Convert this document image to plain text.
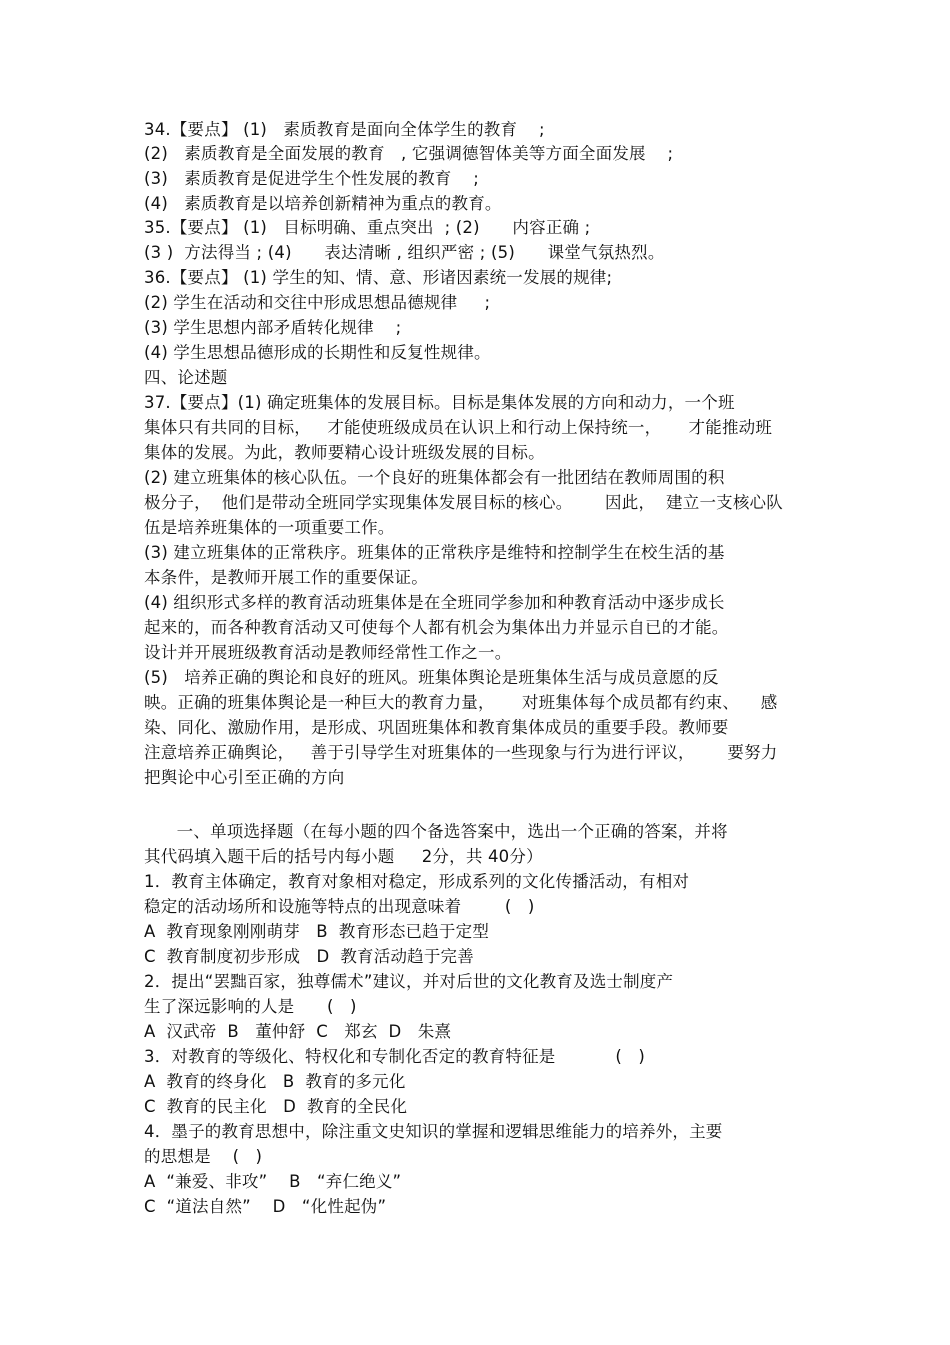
34.【要点】 (1)   素质教育是面向全体学生的教育    ;

(2)   素质教育是全面发展的教育   , 它强调德智体美等方面全面发展    ;

(3)   素质教育是促进学生个性发展的教育    ;

(4)   素质教育是以培养创新精神为重点的教育。

35.【要点】 (1)   目标明确、重点突出  ; (2)      内容正确 ;

(3 )  方法得当 ; (4)      表达清晰 , 组织严密 ; (5)      课堂气氛热烈。

36.【要点】 (1) 学生的知、情、意、形诸因素统一发展的规律;

(2) 学生在活动和交往中形成思想品德规律     ;

(3) 学生思想内部矛盾转化规律    ;

(4) 学生思想品德形成的长期性和反复性规律。

四、论述题

37.【要点】(1) 确定班集体的发展目标。目标是集体发展的方向和动力，一个班

集体只有共同的目标，   才能使班级成员在认识上和行动上保持统一，     才能推动班

集体的发展。为此，教师要精心设计班级发展的目标。

(2) 建立班集体的核心队伍。一个良好的班集体都会有一批团结在教师周围的积

极分子，  他们是带动全班同学实现集体发展目标的核心。      因此，  建立一支核心队

伍是培养班集体的一项重要工作。

(3) 建立班集体的正常秩序。班集体的正常秩序是维特和控制学生在校生活的基

本条件，是教师开展工作的重要保证。

(4) 组织形式多样的教育活动班集体是在全班同学参加和种教育活动中逐步成长

起来的，而各种教育活动又可使每个人都有机会为集体出力并显示自已的才能。

设计并开展班级教育活动是教师经常性工作之一。

(5)   培养正确的舆论和良好的班风。班集体舆论是班集体生活与成员意愿的反

映。正确的班集体舆论是一种巨大的教育力量，     对班集体每个成员都有约束、    感

染、同化、激励作用，是形成、巩固班集体和教育集体成员的重要手段。教师要

注意培养正确舆论，   善于引导学生对班集体的一些现象与行为进行评议，      要努力

把舆论中心引至正确的方向

一、单项选择题（在每小题的四个备选答案中，选出一个正确的答案，并将

其代码填入题干后的括号内每小题     2分，共 40分）

1．教育主体确定，教育对象相对稳定，形成系列的文化传播活动，有相对

稳定的活动场所和设施等特点的出现意味着        (   )

A  教育现象刚刚萌芽   B  教育形态已趋于定型

C  教育制度初步形成   D  教育活动趋于完善

2．提出“罢黜百家，独尊儒术”建议，并对后世的文化教育及选士制度产

生了深远影响的人是      (   )

A  汉武帝  B   董仲舒  C   郑玄  D   朱熹

3．对教育的等级化、特权化和专制化否定的教育特征是           (   )

A  教育的终身化   B  教育的多元化

C  教育的民主化   D  教育的全民化

4．墨子的教育思想中，除注重文史知识的掌握和逻辑思维能力的培养外，主要

的思想是    (   )

A  “兼爱、非攻”    B   “弃仁绝义”

C  “道法自然”    D   “化性起伪”
